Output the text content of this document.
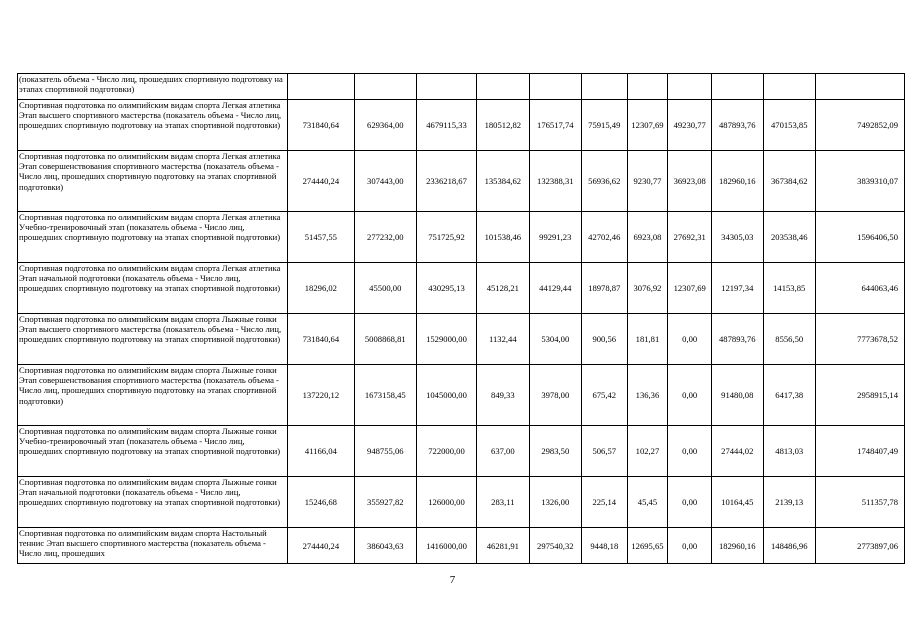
(показатель объема - Число лиц, прошедших спортивную подготовку на этапах спортивной подготовки)											
Спортивная подготовка по олимпийским видам спорта Легкая атлетика Этап высшего спортивного мастерства (показатель объема - Число лиц, прошедших спортивную подготовку на этапах спортивной подготовки)	731840,64	629364,00	4679115,33	180512,82	176517,74	75915,49	12307,69	49230,77	487893,76	470153,85	7492852,09
Спортивная подготовка по олимпийским видам спорта Легкая атлетика Этап совершенствования спортивного мастерства (показатель объема - Число лиц, прошедших спортивную подготовку на этапах спортивной подготовки)	274440,24	307443,00	2336218,67	135384,62	132388,31	56936,62	9230,77	36923,08	182960,16	367384,62	3839310,07
Спортивная подготовка по олимпийским видам спорта Легкая атлетика Учебно-тренировочный этап (показатель объема - Число лиц, прошедших спортивную подготовку на этапах спортивной подготовки)	51457,55	277232,00	751725,92	101538,46	99291,23	42702,46	6923,08	27692,31	34305,03	203538,46	1596406,50
Спортивная подготовка по олимпийским видам спорта Легкая атлетика Этап начальной подготовки (показатель объема - Число лиц, прошедших спортивную подготовку на этапах спортивной подготовки)	18296,02	45500,00	430295,13	45128,21	44129,44	18978,87	3076,92	12307,69	12197,34	14153,85	644063,46
Спортивная подготовка по олимпийским видам спорта Лыжные гонки Этап высшего спортивного мастерства (показатель объема - Число лиц, прошедших спортивную подготовку на этапах спортивной подготовки)	731840,64	5008868,81	1529000,00	1132,44	5304,00	900,56	181,81	0,00	487893,76	8556,50	7773678,52
Спортивная подготовка по олимпийским видам спорта Лыжные гонки Этап совершенствования спортивного мастерства (показатель объема - Число лиц, прошедших спортивную подготовку на этапах спортивной подготовки)	137220,12	1673158,45	1045000,00	849,33	3978,00	675,42	136,36	0,00	91480,08	6417,38	2958915,14
Спортивная подготовка по олимпийским видам спорта Лыжные гонки Учебно-тренировочный этап (показатель объема - Число лиц, прошедших спортивную подготовку на этапах спортивной подготовки)	41166,04	948755,06	722000,00	637,00	2983,50	506,57	102,27	0,00	27444,02	4813,03	1748407,49
Спортивная подготовка по олимпийским видам спорта Лыжные гонки Этап начальной подготовки (показатель объема - Число лиц, прошедших спортивную подготовку на этапах спортивной подготовки)	15246,68	355927,82	126000,00	283,11	1326,00	225,14	45,45	0,00	10164,45	2139,13	511357,78
Спортивная подготовка по олимпийским видам спорта Настольный теннис Этап высшего спортивного мастерства (показатель объема - Число лиц, прошедших	274440,24	386043,63	1416000,00	46281,91	297540,32	9448,18	12695,65	0,00	182960,16	148486,96	2773897,06
7
